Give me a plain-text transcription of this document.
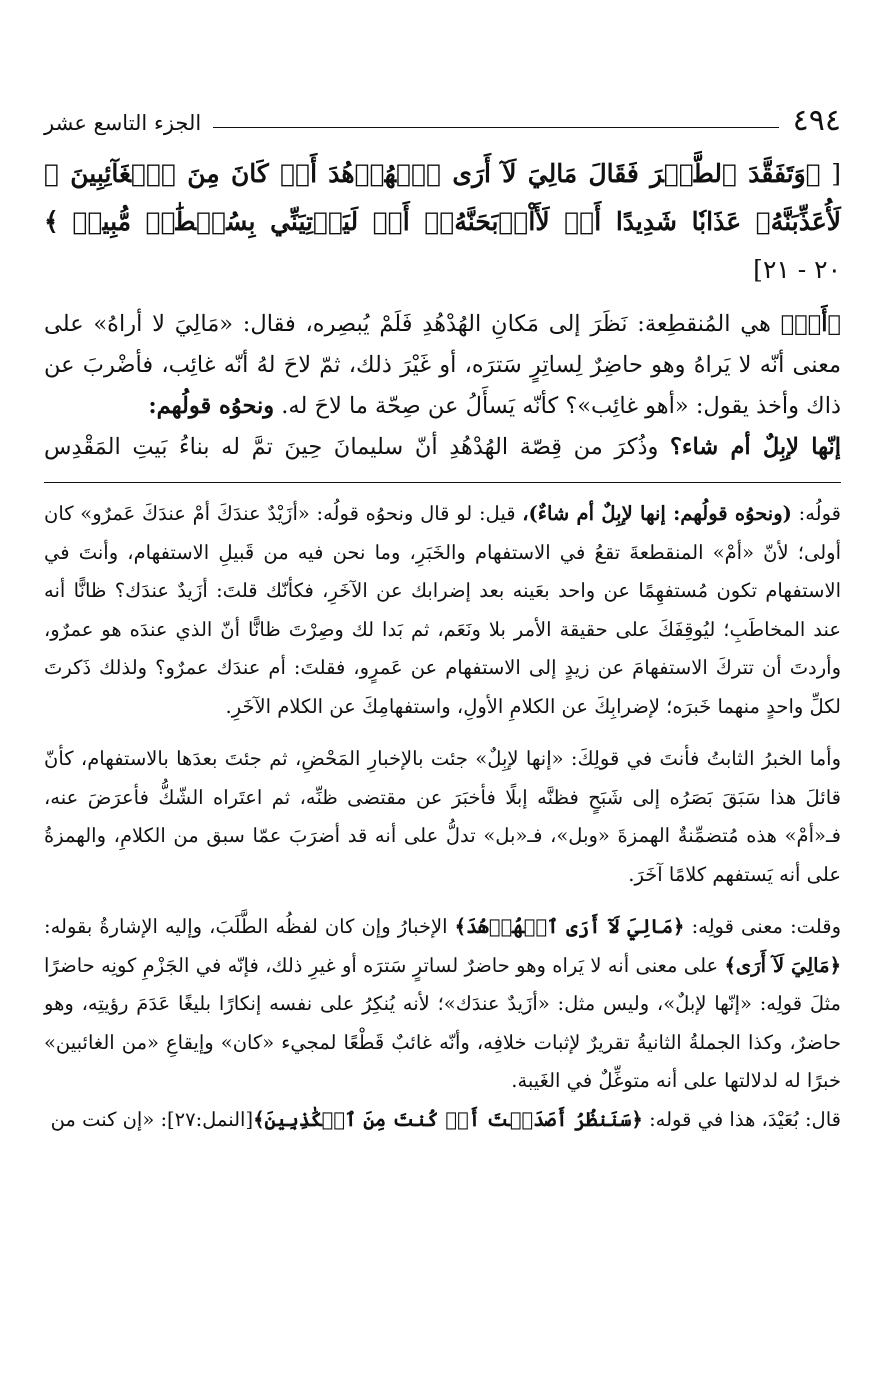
٤٩٤
الجزء التاسع عشر

[ ﴿وَتَفَقَّدَ ٱلطَّيۡرَ فَقَالَ مَالِيَ لَآ أَرَى ٱلۡهُدۡهُدَ أَمۡ كَانَ مِنَ ٱلۡغَآئِبِينَ ۞ لَأُعَذِّبَنَّهُۥ عَذَابٗا شَدِيدًا أَوۡ لَأَاْذۡبَحَنَّهُۥٓ أَوۡ لَيَأۡتِيَنِّي بِسُلۡطَٰنٖ مُّبِينٖ ﴾ ٢٠ - ٢١]

﴿أَمۡ﴾ هي المُنقطِعة: نَظَرَ إلى مَكانِ الهُدْهُدِ فَلَمْ يُبصِره، فقال: «مَالِيَ لا أراهُ» على معنى أنّه لا يَراهُ وهو حاضِرٌ لِساتِرٍ سَترَه، أو غَيْرَ ذلك، ثمّ لاحَ لهُ أنّه غائِب، فأضْربَ عن ذاك وأخذ يقول: «أهو غائِب»؟ كأنّه يَسأَلُ عن صِحّة ما لاحَ له. ونحوُه قولُهم:
إنّها لإبِلٌ أم شاء؟ وذُكرَ من قِصّة الهُدْهُدِ أنّ سليمانَ حِينَ تمَّ له بناءُ بَيتِ المَقْدِس

قولُه: (ونحوُه قولُهم: إنها لإبِلٌ أم شاءٌ)، قيل: لو قال ونحوُه قولُه: «أزَيْدٌ عندَكَ أمْ عندَكَ عَمرٌو» كان أولى؛ لأنّ «أمْ» المنقطعةَ تقعُ في الاستفهام والخَبَرِ، وما نحن فيه من قَبيلِ الاستفهام، وأنتَ في الاستفهام تكون مُستفهِمًا عن واحد بعَينه بعد إضرابك عن الآخَرِ، فكأنّك قلتَ: أزَيدٌ عندَك؟ ظانًّا أنه عند المخاطَبِ؛ ليُوقِفَكَ على حقيقة الأمر بلا ونَعَم، ثم بَدا لك وصِرْتَ ظانًّا أنّ الذي عندَه هو عمرٌو، وأردتَ أن تتركَ الاستفهامَ عن زيدٍ إلى الاستفهام عن عَمرٍو، فقلتَ: أم عندَك عمرٌو؟ ولذلك ذَكرتَ لكلِّ واحدٍ منهما خَبرَه؛ لإضرابِكَ عن الكلامِ الأولِ، واستفهامِكَ عن الكلام الآخَرِ.

وأما الخبرُ الثابتُ فأنتَ في قولِكَ: «إنها لإبِلٌ» جئت بالإخبارِ المَحْضِ، ثم جئتَ بعدَها بالاستفهام، كأنّ قائلَ هذا سَبَقَ بَصَرُه إلى شَبَحٍ فظنَّه إبلًا فأخبَرَ عن مقتضى ظنِّه، ثم اعتَراه الشّكُّ فأعرَضَ عنه، فـ«أمْ» هذه مُتضمِّنةٌ الهمزةَ «وبل»، فـ«بل» تدلُّ على أنه قد أضرَبَ عمّا سبق من الكلامِ، والهمزةُ على أنه يَستفهم كلامًا آخَرَ.

وقلت: معنى قولِه: ﴿مَالِيَ لَآ أَرَى ٱلۡهُدۡهُدَ﴾ الإخبارُ وإن كان لفظُه الطَّلَبَ، وإليه الإشارةُ بقوله: ﴿مَالِيَ لَآ أَرَى﴾ على معنى أنه لا يَراه وهو حاضرٌ لساترٍ سَترَه أو غيرِ ذلك، فإنّه في الجَزْمِ كونِه حاضرًا مثلَ قولِه: «إنّها لإبلٌ»، وليس مثل: «أزَيدٌ عندَك»؛ لأنه يُنكِرُ على نفسه إنكارًا بليغًا عَدَمَ رؤيتِه، وهو حاضرٌ، وكذا الجملةُ الثانيةُ تقريرٌ لإثبات خلافِه، وأنّه غائبٌ قَطْعًا لمجيء «كان» وإيقاعِ «من الغائبين» خبرًا له لدلالتها على أنه متوغِّلٌ في الغَيبة.
قال: بُعَيْدَ، هذا في قوله: ﴿سَنَنظُرُ أَصَدَقۡتَ أَمۡ كُنتَ مِنَ ٱلۡكَٰذِبِينَ﴾[النمل:٢٧]: «إن كنت من
